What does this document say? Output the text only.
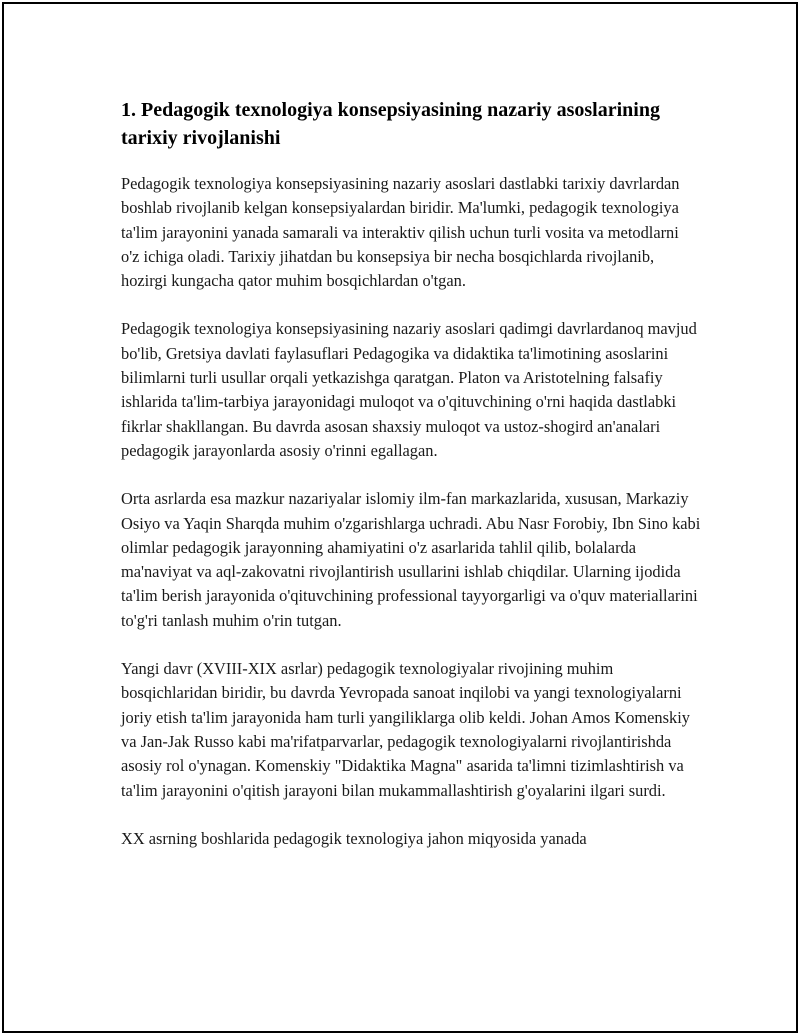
1. Pedagogik texnologiya konsepsiyasining nazariy asoslarining tarixiy rivojlanishi

Pedagogik texnologiya konsepsiyasining nazariy asoslari dastlabki tarixiy davrlardan boshlab rivojlanib kelgan konsepsiyalardan biridir. Ma'lumki, pedagogik texnologiya ta'lim jarayonini yanada samarali va interaktiv qilish uchun turli vosita va metodlarni o'z ichiga oladi. Tarixiy jihatdan bu konsepsiya bir necha bosqichlarda rivojlanib, hozirgi kungacha qator muhim bosqichlardan o'tgan.

Pedagogik texnologiya konsepsiyasining nazariy asoslari qadimgi davrlardanoq mavjud bo'lib, Gretsiya davlati faylasuflari Pedagogika va didaktika ta'limotining asoslarini bilimlarni turli usullar orqali yetkazishga qaratgan. Platon va Aristotelning falsafiy ishlarida ta'lim-tarbiya jarayonidagi muloqot va o'qituvchining o'rni haqida dastlabki fikrlar shakllangan. Bu davrda asosan shaxsiy muloqot va ustoz-shogird an'analari pedagogik jarayonlarda asosiy o'rinni egallagan.

Orta asrlarda esa mazkur nazariyalar islomiy ilm-fan markazlarida, xususan, Markaziy Osiyo va Yaqin Sharqda muhim o'zgarishlarga uchradi. Abu Nasr Forobiy, Ibn Sino kabi olimlar pedagogik jarayonning ahamiyatini o'z asarlarida tahlil qilib, bolalarda ma'naviyat va aql-zakovatni rivojlantirish usullarini ishlab chiqdilar. Ularning ijodida ta'lim berish jarayonida o'qituvchining professional tayyorgarligi va o'quv materiallarini to'g'ri tanlash muhim o'rin tutgan.

Yangi davr (XVIII-XIX asrlar) pedagogik texnologiyalar rivojining muhim bosqichlaridan biridir, bu davrda Yevropada sanoat inqilobi va yangi texnologiyalarni joriy etish ta'lim jarayonida ham turli yangiliklarga olib keldi. Johan Amos Komenskiy va Jan-Jak Russo kabi ma'rifatparvarlar, pedagogik texnologiyalarni rivojlantirishda asosiy rol o'ynagan. Komenskiy "Didaktika Magna" asarida ta'limni tizimlashtirish va ta'lim jarayonini o'qitish jarayoni bilan mukammallashtirish g'oyalarini ilgari surdi.

XX asrning boshlarida pedagogik texnologiya jahon miqyosida yanada
